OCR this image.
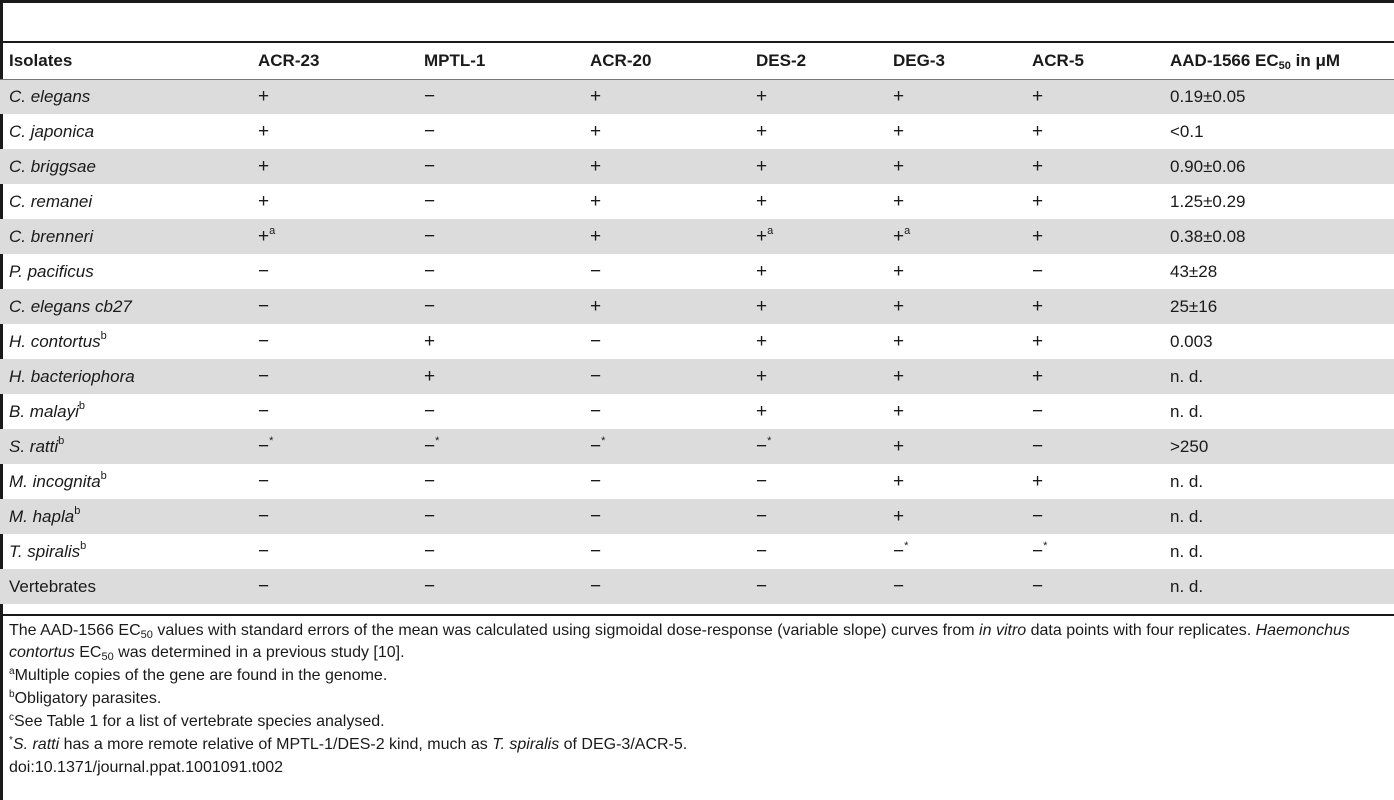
Isolates	ACR-23	MPTL-1	ACR-20	DES-2	DEG-3	ACR-5	AAD-1566 $EC_{50}$ in μM
C. elegans	+	−	+	+	+	+	0.19±0.05
C. japonica	+	−	+	+	+	+	<0.1
C. briggsae	+	−	+	+	+	+	0.90±0.06
C. remanei	+	−	+	+	+	+	1.25±0.29
C. brenneri	+$^a$	−	+	+$^a$	+$^a$	+	0.38±0.08
P. pacificus	−	−	−	+	+	−	43±28
C. elegans cb27	−	−	+	+	+	+	25±16
H. contortus$^b$	−	+	−	+	+	+	0.003
H. bacteriophora	−	+	−	+	+	+	n. d.
B. malayi$^b$	−	−	−	+	+	−	n. d.
S. ratti$^b$	−*	−*	−*	−*	+	−	>250
M. incognita$^b$	−	−	−	−	+	+	n. d.
M. hapla$^b$	−	−	−	−	+	−	n. d.
T. spiralis$^b$	−	−	−	−	−*	−*	n. d.
Vertebrates	−	−	−	−	−	−	n. d.

The AAD-1566 $EC_{50}$ values with standard errors of the mean was calculated using sigmoidal dose-response (variable slope) curves from in vitro data points with four replicates. Haemonchus contortus $EC_{50}$ was determined in a previous study [10].

$^a$Multiple copies of the gene are found in the genome.

$^b$Obligatory parasites.

$^c$See Table 1 for a list of vertebrate species analysed.

*S. ratti has a more remote relative of MPTL-1/DES-2 kind, much as T. spiralis of DEG-3/ACR-5.

doi:10.1371/journal.ppat.1001091.t002
